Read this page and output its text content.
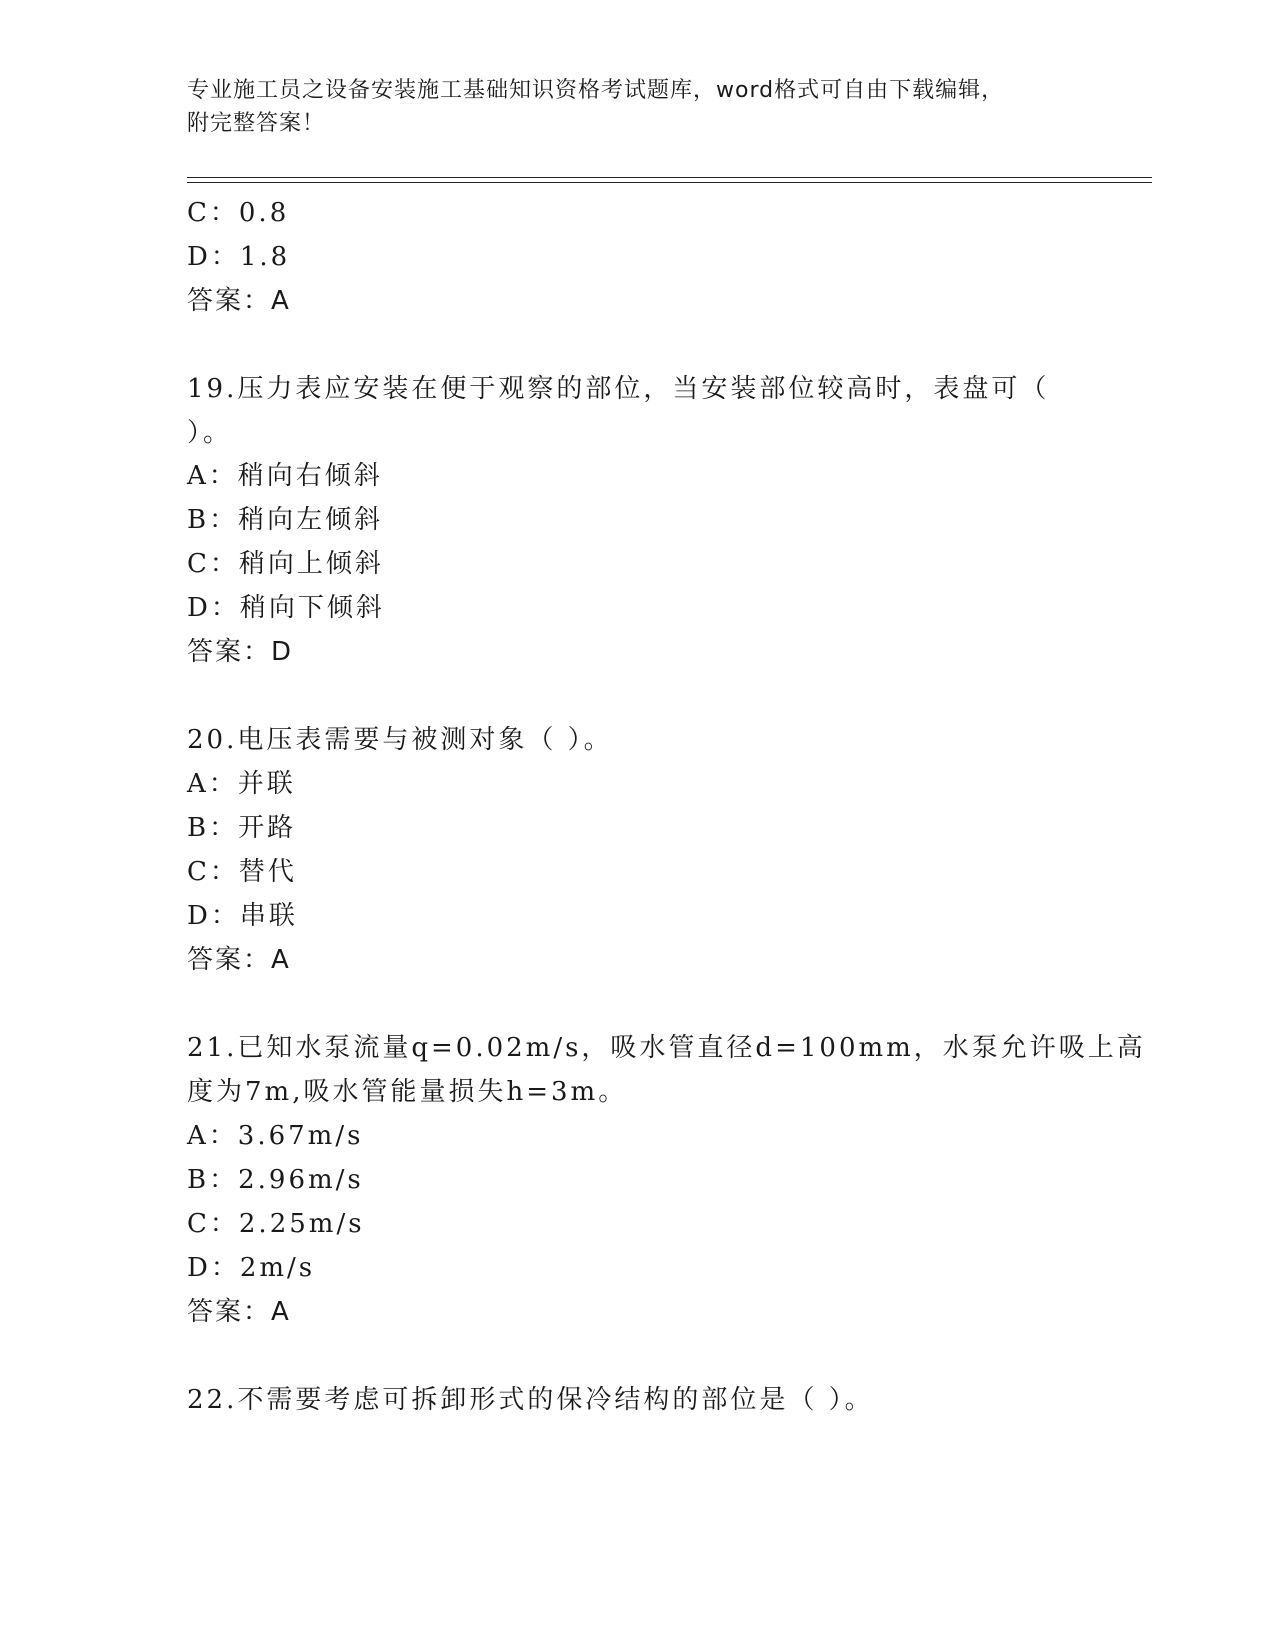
专业施工员之设备安装施工基础知识资格考试题库，word格式可自由下载编辑，
附完整答案！
C：0.8
D：1.8
答案：A
19.压力表应安装在便于观察的部位，当安装部位较高时，表盘可（
）。
A：稍向右倾斜
B：稍向左倾斜
C：稍向上倾斜
D：稍向下倾斜
答案：D
20.电压表需要与被测对象（ ）。
A：并联
B：开路
C：替代
D：串联
答案：A
21.已知水泵流量q=0.02m/s，吸水管直径d=100mm，水泵允许吸上高
度为7m,吸水管能量损失h=3m。
A：3.67m/s
B：2.96m/s
C：2.25m/s
D：2m/s
答案：A
22.不需要考虑可拆卸形式的保冷结构的部位是（ ）。
